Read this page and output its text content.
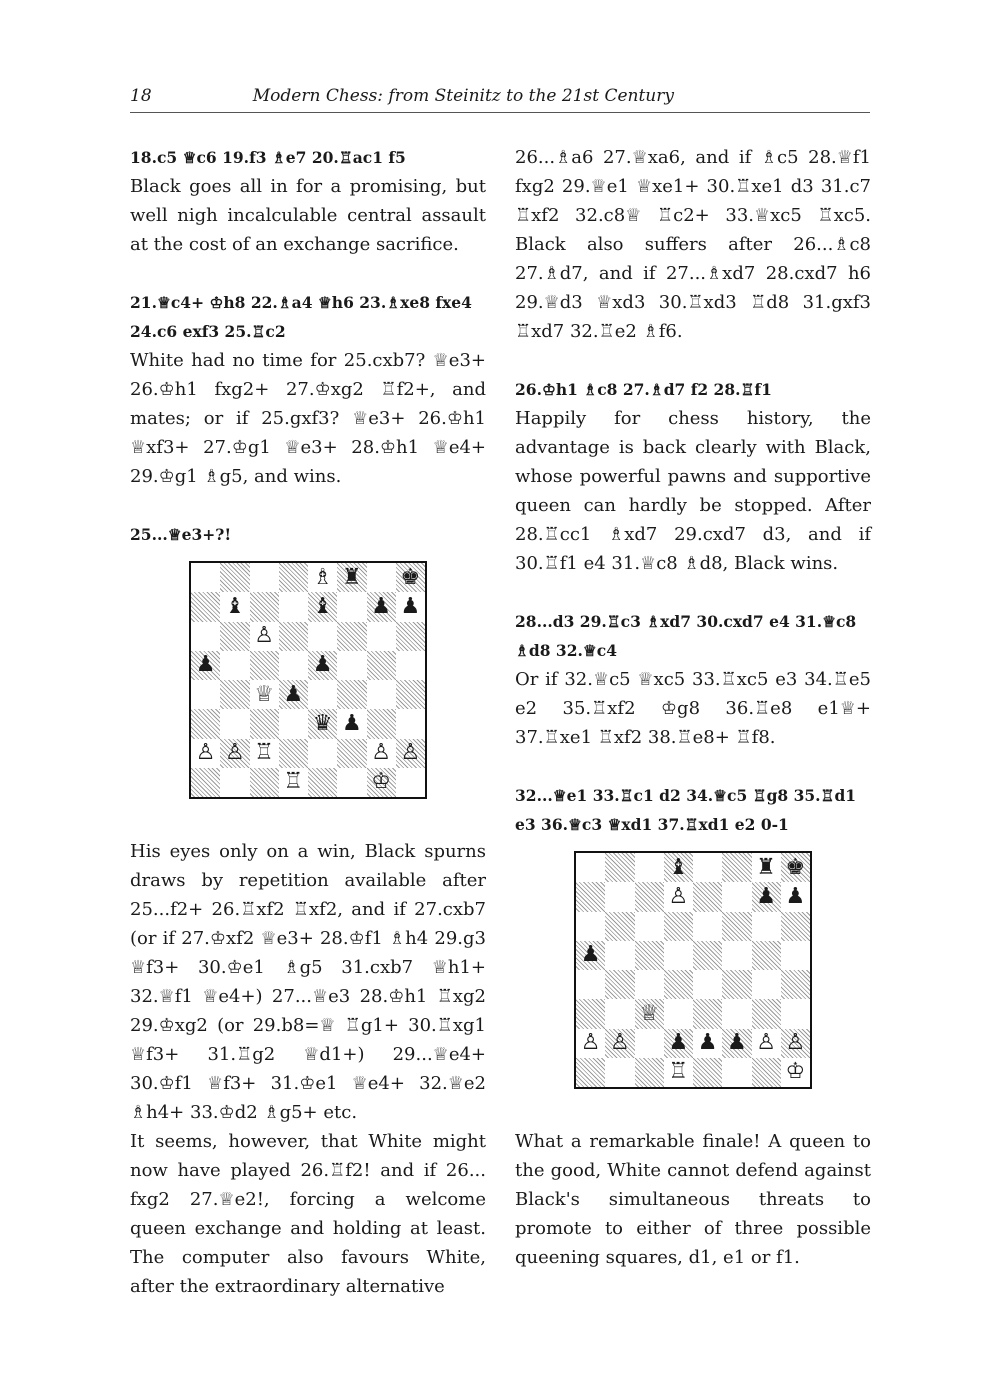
18	Modern Chess: from Steinitz to the 21st Century

18.c5 ♕c6 19.f3 ♗e7 20.♖ac1 f5

Black goes all in for a promising, but well nigh incalculable central assault at the cost of an exchange sacrifice.

21.♕c4+ ♔h8 22.♗a4 ♕h6 23.♗xe8 fxe4 24.c6 exf3 25.♖c2

White had no time for 25.cxb7? ♕e3+ 26.♔h1 fxg2+ 27.♔xg2 ♖f2+, and mates; or if 25.gxf3? ♕e3+ 26.♔h1 ♕xf3+ 27.♔g1 ♕e3+ 28.♔h1 ♕e4+ 29.♔g1 ♗g5, and wins.

25...♕e3+?!

♗ ♜ ♚
♝	♝ ♟ ♟
♙
♟	♟
♕ ♟
♛ ♟
♙ ♙ ♖	♙ ♙
♖	♔

His eyes only on a win, Black spurns draws by repetition available after 25...f2+ 26.♖xf2 ♖xf2, and if 27.cxb7 (or if 27.♔xf2 ♕e3+ 28.♔f1 ♗h4 29.g3 ♕f3+ 30.♔e1 ♗g5 31.cxb7 ♕h1+ 32.♕f1 ♕e4+) 27...♕e3 28.♔h1 ♖xg2 29.♔xg2 (or 29.b8=♕ ♖g1+ 30.♖xg1 ♕f3+ 31.♖g2 ♕d1+) 29...♕e4+ 30.♔f1 ♕f3+ 31.♔e1 ♕e4+ 32.♕e2 ♗h4+ 33.♔d2 ♗g5+ etc.

It seems, however, that White might now have played 26.♖f2! and if 26... fxg2 27.♕e2!, forcing a welcome queen exchange and holding at least. The computer also favours White, after the extraordinary alternative

26...♗a6 27.♕xa6, and if ♗c5 28.♕f1 fxg2 29.♕e1 ♕xe1+ 30.♖xe1 d3 31.c7 ♖xf2 32.c8♕ ♖c2+ 33.♕xc5 ♖xc5. Black also suffers after 26...♗c8 27.♗d7, and if 27...♗xd7 28.cxd7 h6 29.♕d3 ♕xd3 30.♖xd3 ♖d8 31.gxf3 ♖xd7 32.♖e2 ♗f6.

26.♔h1 ♗c8 27.♗d7 f2 28.♖f1

Happily for chess history, the advantage is back clearly with Black, whose powerful pawns and supportive queen can hardly be stopped. After 28.♖cc1 ♗xd7 29.cxd7 d3, and if 30.♖f1 e4 31.♕c8 ♗d8, Black wins.

28...d3 29.♖c3 ♗xd7 30.cxd7 e4 31.♕c8 ♗d8 32.♕c4

Or if 32.♕c5 ♕xc5 33.♖xc5 e3 34.♖e5 e2 35.♖xf2 ♔g8 36.♖e8 e1♕+ 37.♖xe1 ♖xf2 38.♖e8+ ♖f8.

32...♕e1 33.♖c1 d2 34.♕c5 ♖g8 35.♖d1 e3 36.♕c3 ♕xd1 37.♖xd1 e2 0-1

♝	♜ ♚
♙	♟ ♟
♟
♕
♙ ♙ ♟ ♟ ♟ ♙ ♙
♖	♔

What a remarkable finale! A queen to the good, White cannot defend against Black's simultaneous threats to promote to either of three possible queening squares, d1, e1 or f1.
